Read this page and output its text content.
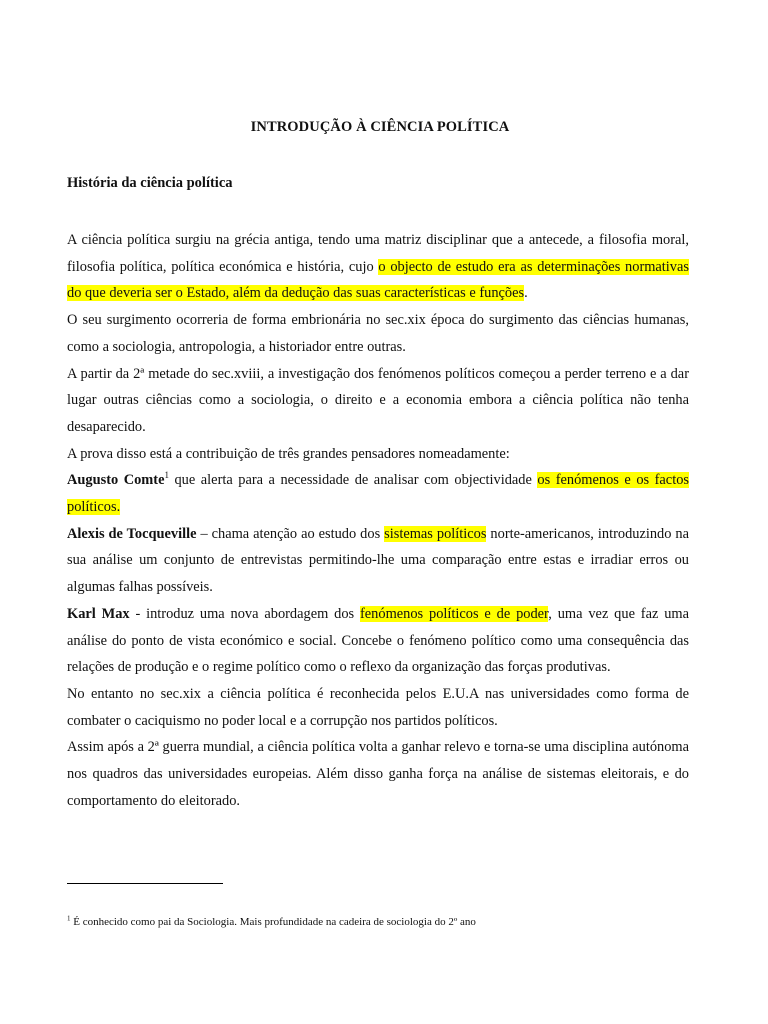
INTRODUÇÃO À CIÊNCIA POLÍTICA
História da ciência política

A ciência política surgiu na grécia antiga, tendo uma matriz disciplinar que a antecede, a filosofia moral, filosofia política, política económica e história, cujo o objecto de estudo era as determinações normativas do que deveria ser o Estado, além da dedução das suas características e funções.

O seu surgimento ocorreria de forma embrionária no sec.xix época do surgimento das ciências humanas, como a sociologia, antropologia, a historiador entre outras.

A partir da 2ª metade do sec.xviii, a investigação dos fenómenos políticos começou a perder terreno e a dar lugar outras ciências como a sociologia, o direito e a economia embora a ciência política não tenha desaparecido.

A prova disso está a contribuição de três grandes pensadores nomeadamente:

Augusto Comte$^1$ que alerta para a necessidade de analisar com objectividade os fenómenos e os factos políticos.

Alexis de Tocqueville – chama atenção ao estudo dos sistemas políticos norte-americanos, introduzindo na sua análise um conjunto de entrevistas permitindo-lhe uma comparação entre estas e irradiar erros ou algumas falhas possíveis.

Karl Max - introduz uma nova abordagem dos fenómenos políticos e de poder, uma vez que faz uma análise do ponto de vista económico e social. Concebe o fenómeno político como uma consequência das relações de produção e o regime político como o reflexo da organização das forças produtivas.

No entanto no sec.xix a ciência política é reconhecida pelos E.U.A nas universidades como forma de combater o caciquismo no poder local e a corrupção nos partidos políticos.

Assim após a 2ª guerra mundial, a ciência política volta a ganhar relevo e torna-se uma disciplina autónoma nos quadros das universidades europeias. Além disso ganha força na análise de sistemas eleitorais, e do comportamento do eleitorado.

$^1$ É conhecido como pai da Sociologia. Mais profundidade na cadeira de sociologia do 2º ano
